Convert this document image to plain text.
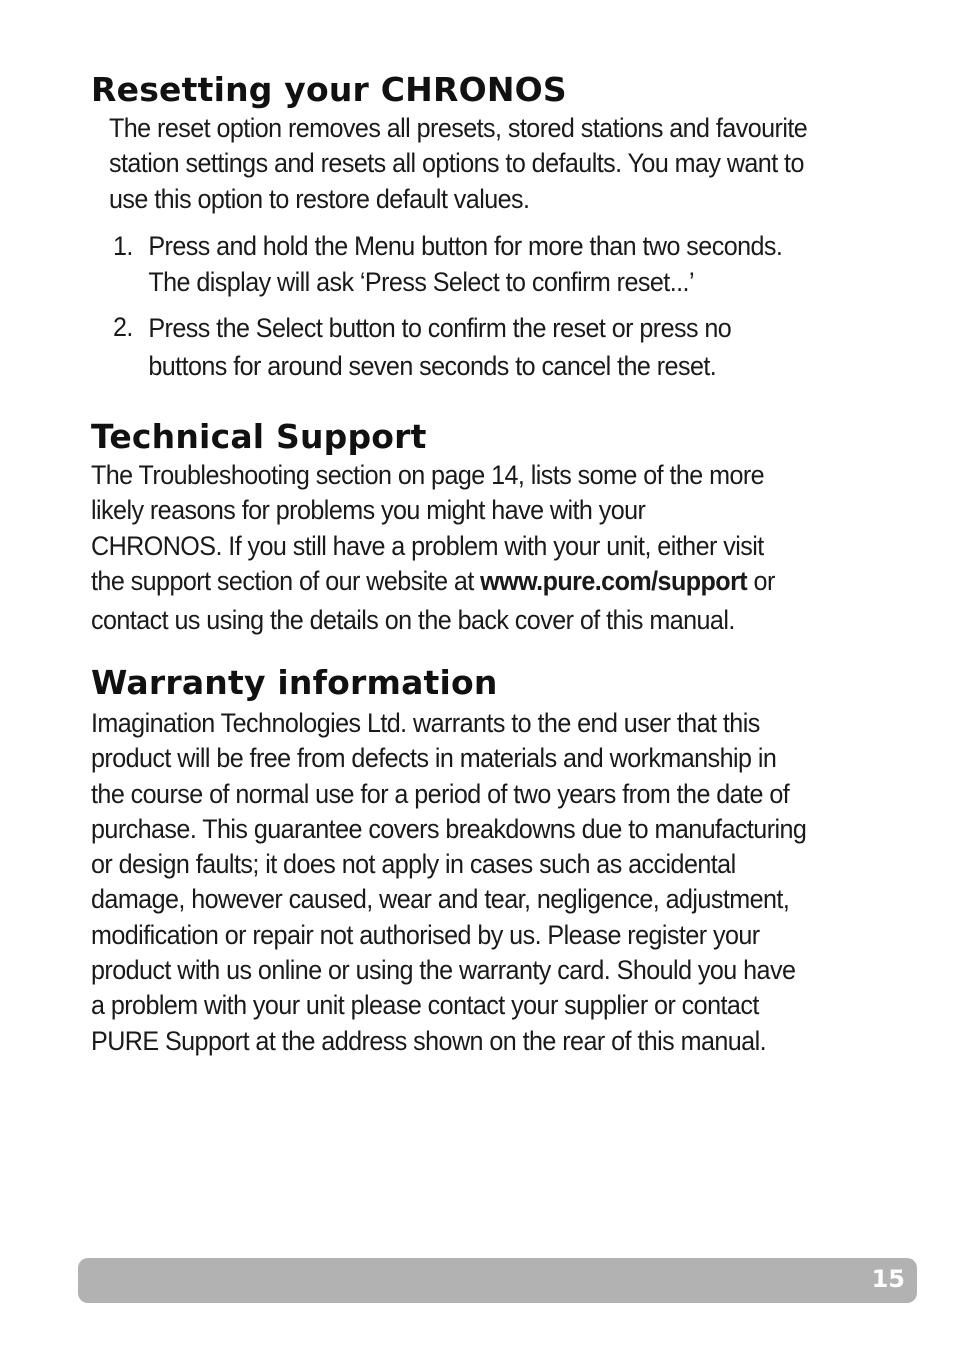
Resetting your CHRONOS

The reset option removes all presets, stored stations and favourite
station settings and resets all options to defaults. You may want to
use this option to restore default values.

1. Press and hold the Menu button for more than two seconds.
The display will ask ‘Press Select to confirm reset...’
2. Press the Select button to confirm the reset or press no
buttons for around seven seconds to cancel the reset.
Technical Support

The Troubleshooting section on page 14, lists some of the more
likely reasons for problems you might have with your
CHRONOS. If you still have a problem with your unit, either visit
the support section of our website at www.pure.com/support or
contact us using the details on the back cover of this manual.

Warranty information

Imagination Technologies Ltd. warrants to the end user that this
product will be free from defects in materials and workmanship in
the course of normal use for a period of two years from the date of
purchase. This guarantee covers breakdowns due to manufacturing
or design faults; it does not apply in cases such as accidental
damage, however caused, wear and tear, negligence, adjustment,
modification or repair not authorised by us. Please register your
product with us online or using the warranty card. Should you have
a problem with your unit please contact your supplier or contact
PURE Support at the address shown on the rear of this manual.

15
